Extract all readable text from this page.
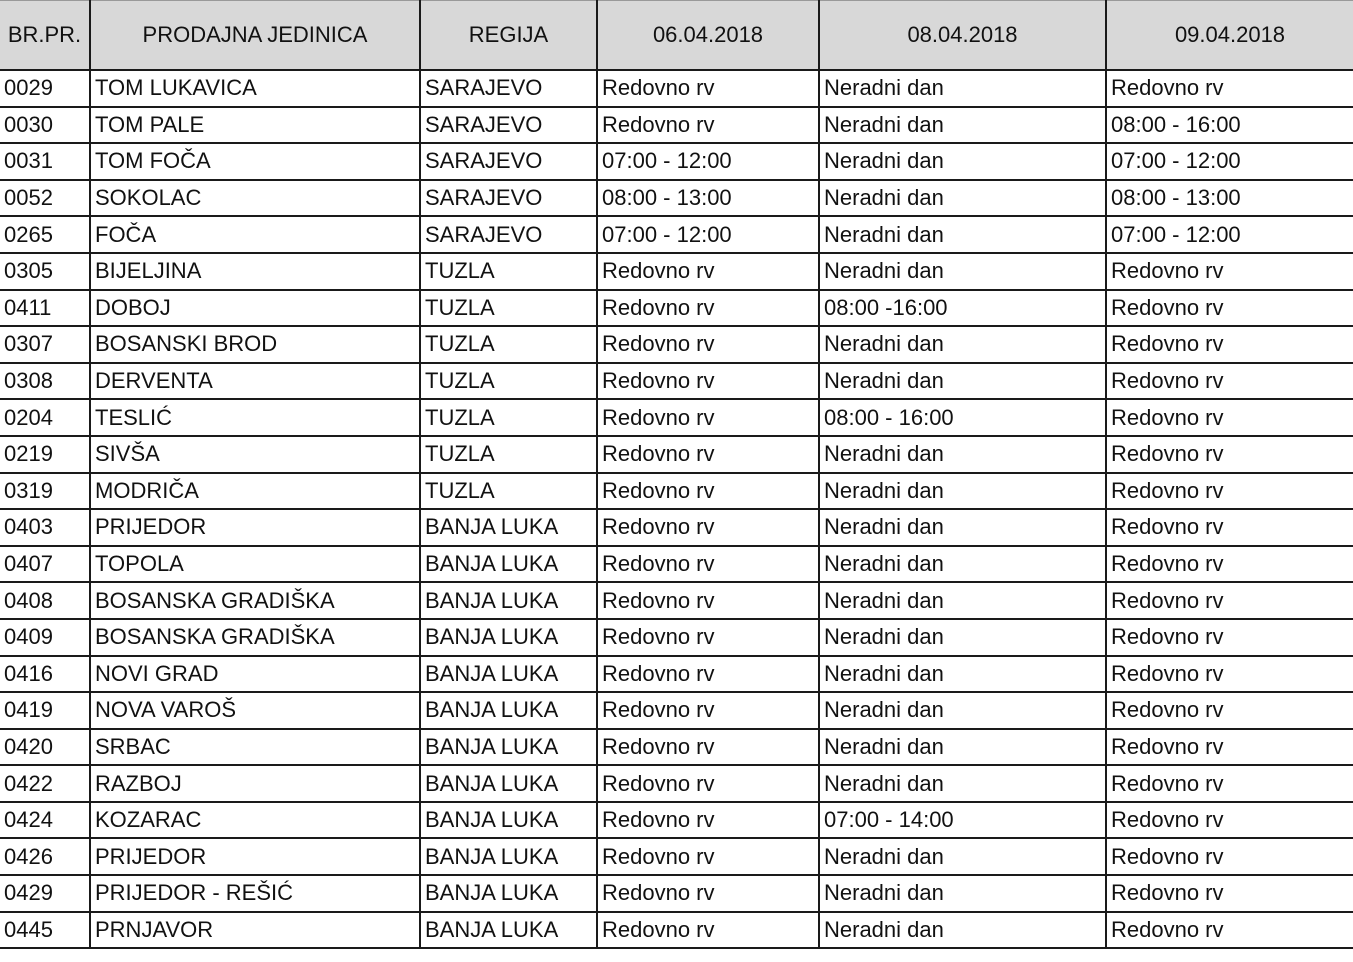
BR.PR.	PRODAJNA JEDINICA	REGIJA	06.04.2018	08.04.2018	09.04.2018
0029	TOM LUKAVICA	SARAJEVO	Redovno rv	Neradni dan	Redovno rv
0030	TOM PALE	SARAJEVO	Redovno rv	Neradni dan	08:00 - 16:00
0031	TOM FOČA	SARAJEVO	07:00 - 12:00	Neradni dan	07:00 - 12:00
0052	SOKOLAC	SARAJEVO	08:00 - 13:00	Neradni dan	08:00 - 13:00
0265	FOČA	SARAJEVO	07:00 - 12:00	Neradni dan	07:00 - 12:00
0305	BIJELJINA	TUZLA	Redovno rv	Neradni dan	Redovno rv
0411	DOBOJ	TUZLA	Redovno rv	08:00 -16:00	Redovno rv
0307	BOSANSKI BROD	TUZLA	Redovno rv	Neradni dan	Redovno rv
0308	DERVENTA	TUZLA	Redovno rv	Neradni dan	Redovno rv
0204	TESLIĆ	TUZLA	Redovno rv	08:00 - 16:00	Redovno rv
0219	SIVŠA	TUZLA	Redovno rv	Neradni dan	Redovno rv
0319	MODRIČA	TUZLA	Redovno rv	Neradni dan	Redovno rv
0403	PRIJEDOR	BANJA LUKA	Redovno rv	Neradni dan	Redovno rv
0407	TOPOLA	BANJA LUKA	Redovno rv	Neradni dan	Redovno rv
0408	BOSANSKA GRADIŠKA	BANJA LUKA	Redovno rv	Neradni dan	Redovno rv
0409	BOSANSKA GRADIŠKA	BANJA LUKA	Redovno rv	Neradni dan	Redovno rv
0416	NOVI GRAD	BANJA LUKA	Redovno rv	Neradni dan	Redovno rv
0419	NOVA VAROŠ	BANJA LUKA	Redovno rv	Neradni dan	Redovno rv
0420	SRBAC	BANJA LUKA	Redovno rv	Neradni dan	Redovno rv
0422	RAZBOJ	BANJA LUKA	Redovno rv	Neradni dan	Redovno rv
0424	KOZARAC	BANJA LUKA	Redovno rv	07:00 - 14:00	Redovno rv
0426	PRIJEDOR	BANJA LUKA	Redovno rv	Neradni dan	Redovno rv
0429	PRIJEDOR - REŠIĆ	BANJA LUKA	Redovno rv	Neradni dan	Redovno rv
0445	PRNJAVOR	BANJA LUKA	Redovno rv	Neradni dan	Redovno rv
